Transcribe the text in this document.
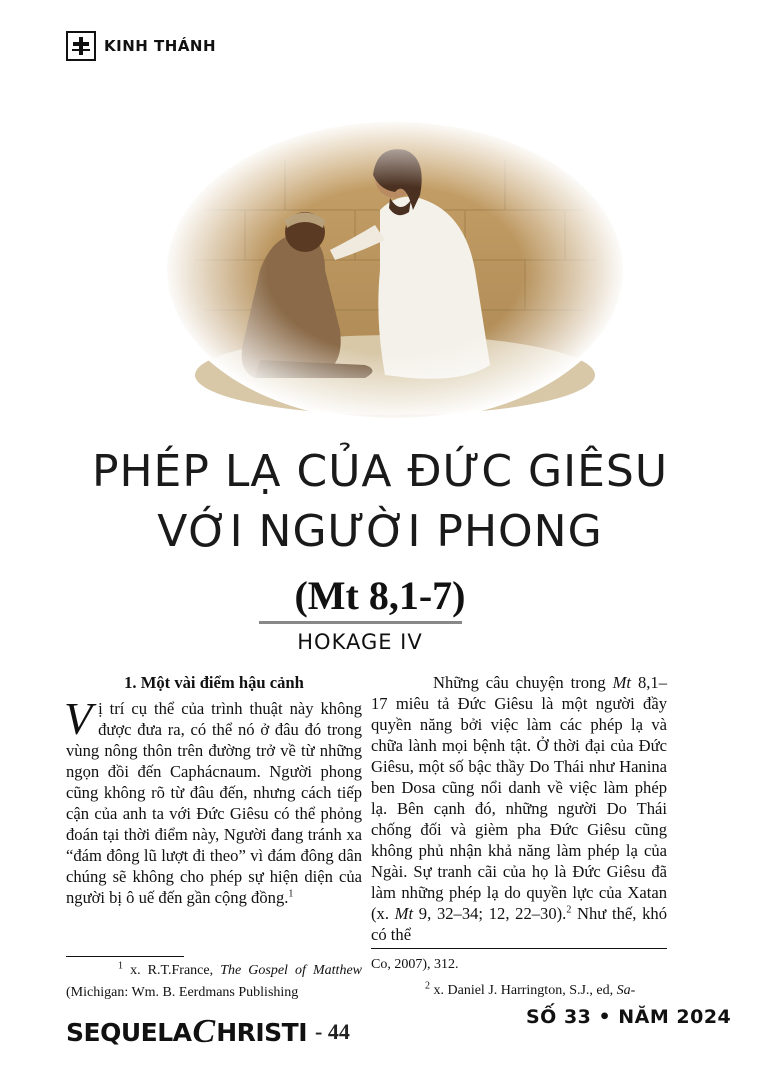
KINH THÁNH
PHÉP LẠ CỦA ĐỨC GIÊSU
VỚI NGƯỜI PHONG
(Mt 8,1-7)
HOKAGE IV
1. Một vài điểm hậu cảnh

Vị trí cụ thể của trình thuật này không được đưa ra, có thể nó ở đâu đó trong vùng nông thôn trên đường trở về từ những ngọn đồi đến Caphácnaum. Người phong cũng không rõ từ đâu đến, nhưng cách tiếp cận của anh ta với Đức Giêsu có thể phỏng đoán tại thời điểm này, Người đang tránh xa “đám đông lũ lượt đi theo” vì đám đông dân chúng sẽ không cho phép sự hiện diện của người bị ô uế đến gần cộng đồng.$^1$

Những câu chuyện trong Mt 8,1–17 miêu tả Đức Giêsu là một người đầy quyền năng bởi việc làm các phép lạ và chữa lành mọi bệnh tật. Ở thời đại của Đức Giêsu, một số bậc thầy Do Thái như Hanina ben Dosa cũng nổi danh về việc làm phép lạ. Bên cạnh đó, những người Do Thái chống đối và gièm pha Đức Giêsu cũng không phủ nhận khả năng làm phép lạ của Ngài. Sự tranh cãi của họ là Đức Giêsu đã làm những phép lạ do quyền lực của Xatan (x. Mt 9, 32–34; 12, 22–30).$^2$ Như thế, khó có thể

$^1$ x. R.T.France, The Gospel of Matthew (Michigan: Wm. B. Eerdmans Publishing
Co, 2007), 312.
$^2$ x. Daniel J. Harrington, S.J., ed, Sa-
SEQUELA C HRISTI - 44
SỐ 33 • NĂM 2024
